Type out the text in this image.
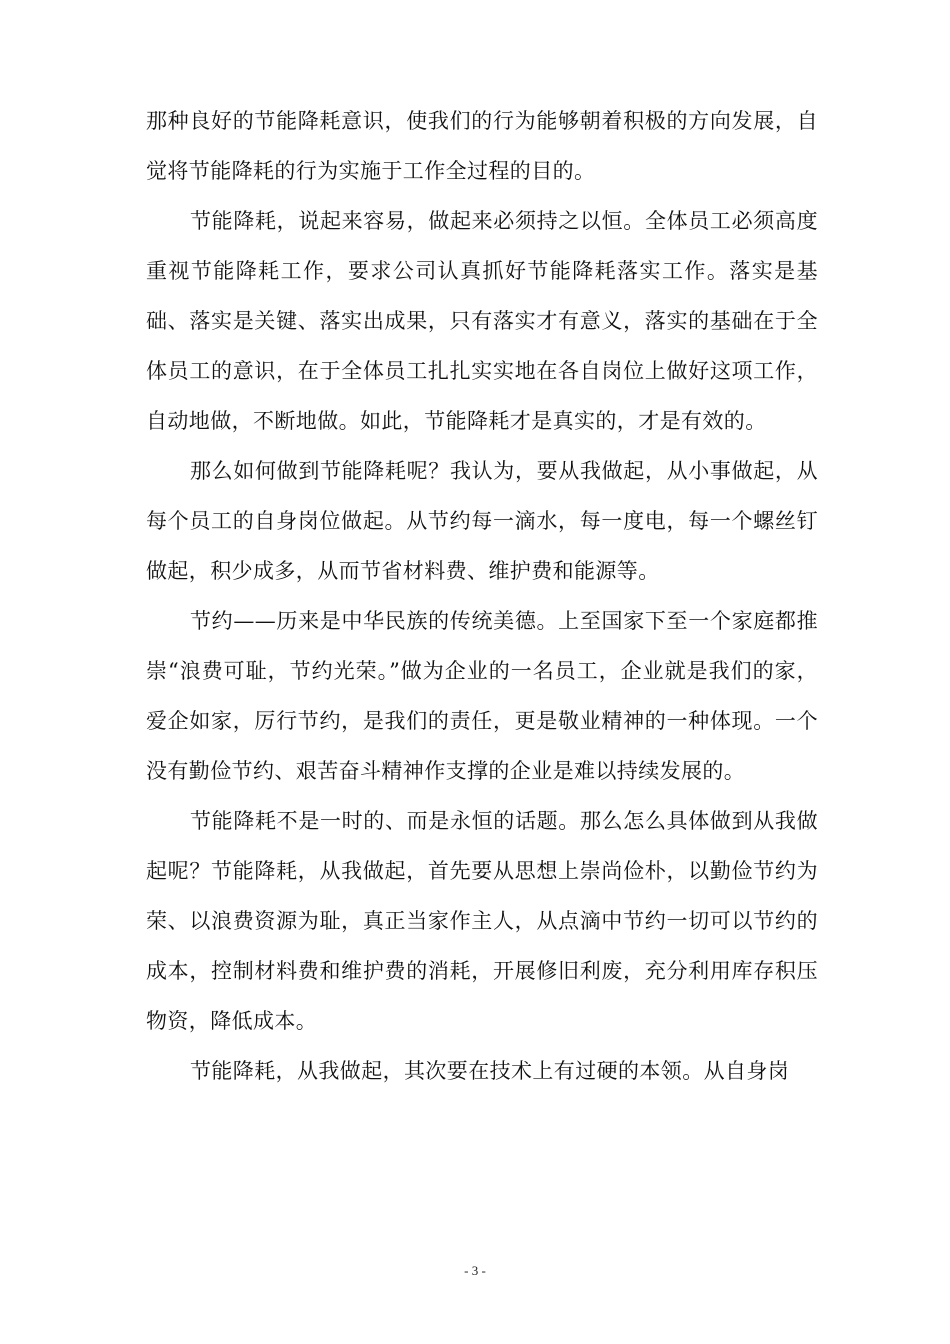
那种良好的节能降耗意识，使我们的行为能够朝着积极的方向发展，自觉将节能降耗的行为实施于工作全过程的目的。

节能降耗，说起来容易，做起来必须持之以恒。全体员工必须高度重视节能降耗工作，要求公司认真抓好节能降耗落实工作。落实是基础、落实是关键、落实出成果，只有落实才有意义，落实的基础在于全体员工的意识，在于全体员工扎扎实实地在各自岗位上做好这项工作，自动地做，不断地做。如此，节能降耗才是真实的，才是有效的。

那么如何做到节能降耗呢？我认为，要从我做起，从小事做起，从每个员工的自身岗位做起。从节约每一滴水，每一度电，每一个螺丝钉做起，积少成多，从而节省材料费、维护费和能源等。

节约——历来是中华民族的传统美德。上至国家下至一个家庭都推崇“浪费可耻，节约光荣。”做为企业的一名员工，企业就是我们的家，爱企如家，厉行节约，是我们的责任，更是敬业精神的一种体现。一个没有勤俭节约、艰苦奋斗精神作支撑的企业是难以持续发展的。

节能降耗不是一时的、而是永恒的话题。那么怎么具体做到从我做起呢？节能降耗，从我做起，首先要从思想上崇尚俭朴，以勤俭节约为荣、以浪费资源为耻，真正当家作主人，从点滴中节约一切可以节约的成本，控制材料费和维护费的消耗，开展修旧利废，充分利用库存积压物资，降低成本。

节能降耗，从我做起，其次要在技术上有过硬的本领。从自身岗

- 3 -
